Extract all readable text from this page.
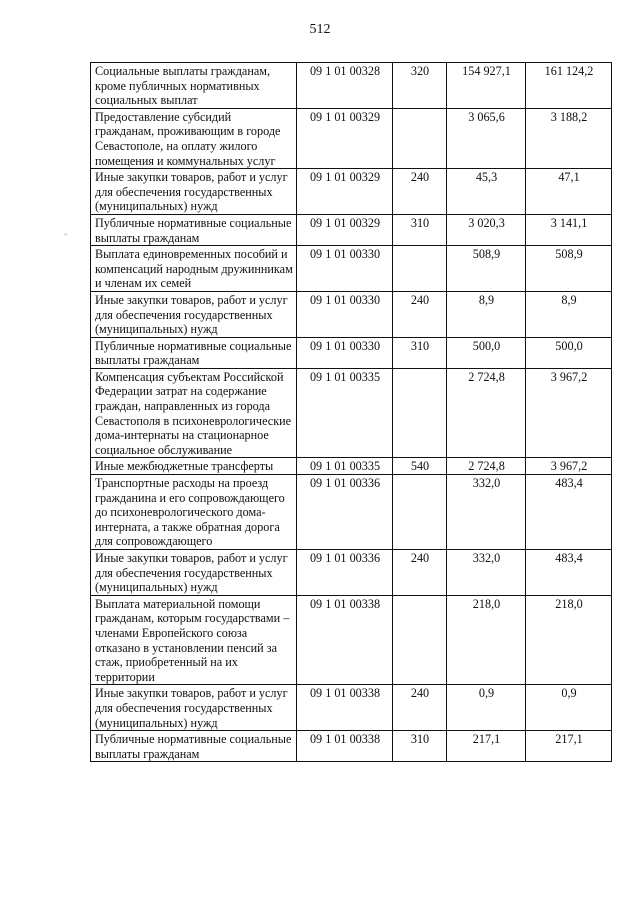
512
"
Социальные выплаты гражданам, кроме публичных нормативных социальных выплат	09 1 01 00328	320	154 927,1	161 124,2
Предоставление субсидий гражданам, проживающим в городе Севастополе, на оплату жилого помещения и коммунальных услуг	09 1 01 00329		3 065,6	3 188,2
Иные закупки товаров, работ и услуг для обеспечения государственных (муниципальных) нужд	09 1 01 00329	240	45,3	47,1
Публичные нормативные социальные выплаты гражданам	09 1 01 00329	310	3 020,3	3 141,1
Выплата единовременных пособий и компенсаций народным дружинникам и членам их семей	09 1 01 00330		508,9	508,9
Иные закупки товаров, работ и услуг для обеспечения государственных (муниципальных) нужд	09 1 01 00330	240	8,9	8,9
Публичные нормативные социальные выплаты гражданам	09 1 01 00330	310	500,0	500,0
Компенсация субъектам Российской Федерации затрат на содержание граждан, направленных из города Севастополя в психоневрологические дома-интернаты на стационарное социальное обслуживание	09 1 01 00335		2 724,8	3 967,2
Иные межбюджетные трансферты	09 1 01 00335	540	2 724,8	3 967,2
Транспортные расходы на проезд гражданина и его сопровождающего до психоневрологического дома-интерната, а также обратная дорога для сопровождающего	09 1 01 00336		332,0	483,4
Иные закупки товаров, работ и услуг для обеспечения государственных (муниципальных) нужд	09 1 01 00336	240	332,0	483,4
Выплата материальной помощи гражданам, которым государствами – членами Европейского союза отказано в установлении пенсий за стаж, приобретенный на их территории	09 1 01 00338		218,0	218,0
Иные закупки товаров, работ и услуг для обеспечения государственных (муниципальных) нужд	09 1 01 00338	240	0,9	0,9
Публичные нормативные социальные выплаты гражданам	09 1 01 00338	310	217,1	217,1
